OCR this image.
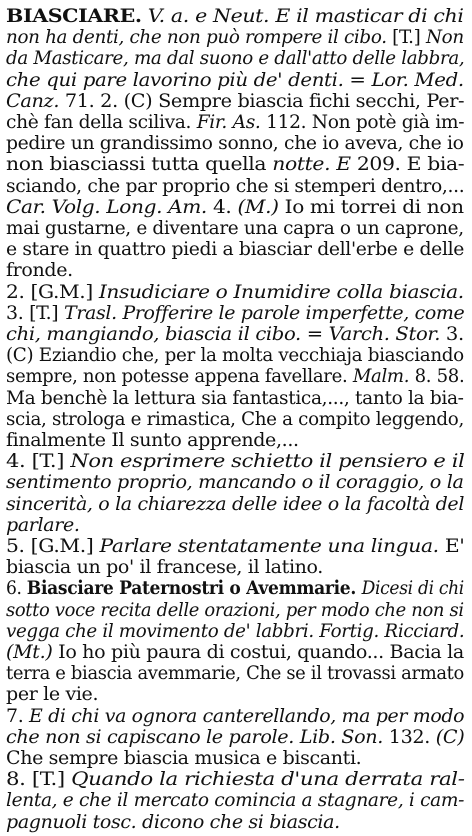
BIASCIARE. V. a. e Neut. E il masticar di chi
non ha denti, che non può rompere il cibo. [T.] Non
da Masticare, ma dal suono e dall'atto delle labbra,
che qui pare lavorino più de' denti. = Lor. Med.
Canz. 71. 2. (C) Sempre biascia fichi secchi, Per-
chè fan della sciliva. Fir. As. 112. Non potè già im-
pedire un grandissimo sonno, che io aveva, che io
non biasciassi tutta quella notte. E 209. E bia-
sciando, che par proprio che si stemperi dentro,...
Car. Volg. Long. Am. 4. (M.) Io mi torrei di non
mai gustarne, e diventare una capra o un caprone,
e stare in quattro piedi a biasciar dell'erbe e delle
fronde.
2. [G.M.] Insudiciare o Inumidire colla biascia.
3. [T.] Trasl. Profferire le parole imperfette, come
chi, mangiando, biascia il cibo. = Varch. Stor. 3.
(C) Eziandio che, per la molta vecchiaja biasciando
sempre, non potesse appena favellare. Malm. 8. 58.
Ma benchè la lettura sia fantastica,..., tanto la bia-
scia, strologa e rimastica, Che a compito leggendo,
finalmente Il sunto apprende,...
4. [T.] Non esprimere schietto il pensiero e il
sentimento proprio, mancando o il coraggio, o la
sincerità, o la chiarezza delle idee o la facoltà del
parlare.
5. [G.M.] Parlare stentatamente una lingua. E'
biascia un po' il francese, il latino.
6. Biasciare Paternostri o Avemmarie. Dicesi di chi
sotto voce recita delle orazioni, per modo che non si
vegga che il movimento de' labbri. Fortig. Ricciard.
(Mt.) Io ho più paura di costui, quando... Bacia la
terra e biascia avemmarie, Che se il trovassi armato
per le vie.
7. E di chi va ognora canterellando, ma per modo
che non si capiscano le parole. Lib. Son. 132. (C)
Che sempre biascia musica e biscanti.
8. [T.] Quando la richiesta d'una derrata ral-
lenta, e che il mercato comincia a stagnare, i cam-
pagnuoli tosc. dicono che si biascia.
